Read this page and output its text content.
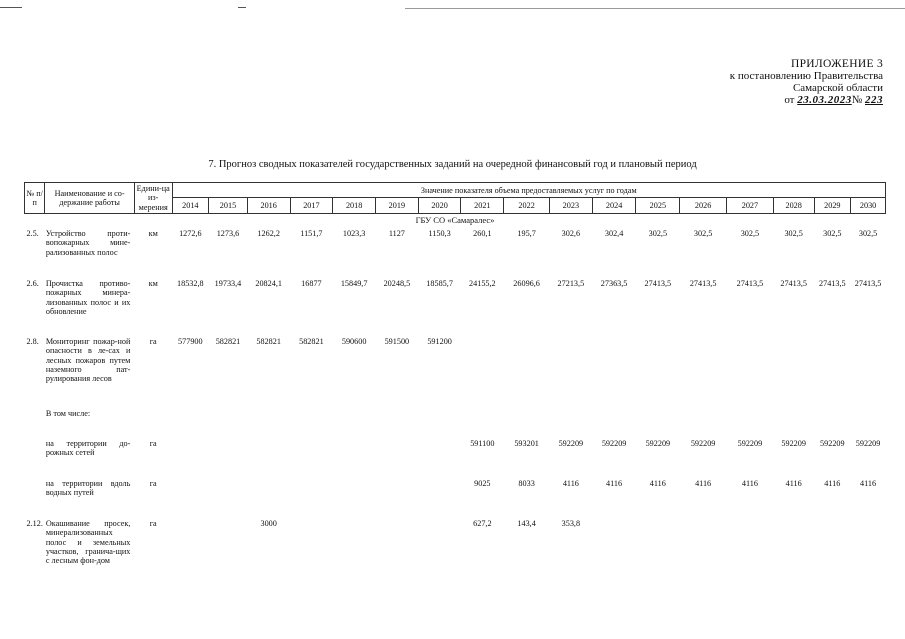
ПРИЛОЖЕНИЕ 3
к постановлению Правительства
Самарской области
от 23.03.2023№ 223
7. Прогноз сводных показателей государственных заданий на очередной финансовый год и плановый период
№ п/п	Наименование и со-держание работы	Едини-ца из-мерения	Значение показателя объема предоставляемых услуг по годам																
			2014	2015	2016	2017	2018	2019	2020	2021	2022	2023	2024	2025	2026	2027	2028	2029	2030
ГБУ СО «Самаралес»																			
2.5.	Устройство проти-вопожарных мине-рализованных полос	км	1272,6	1273,6	1262,2	1151,7	1023,3	1127	1150,3	260,1	195,7	302,6	302,4	302,5	302,5	302,5	302,5	302,5	302,5
2.6.	Прочистка противо-пожарных минера-лизованных полос и их обновление	км	18532,8	19733,4	20824,1	16877	15849,7	20248,5	18585,7	24155,2	26096,6	27213,5	27363,5	27413,5	27413,5	27413,5	27413,5	27413,5	27413,5
2.8.	Мониторинг пожар-ной опасности в ле-сах и лесных пожаров путем наземного пат-рулирования лесов	га	577900	582821	582821	582821	590600	591500	591200										
	В том числе:																		
	на территории до-рожных сетей	га								591100	593201	592209	592209	592209	592209	592209	592209	592209	592209
	на территории вдоль водных путей	га								9025	8033	4116	4116	4116	4116	4116	4116	4116	4116
2.12.	Окашивание просек, минерализованных полос и земельных участков, гранича-щих с лесным фон-дом	га			3000					627,2	143,4	353,8							
